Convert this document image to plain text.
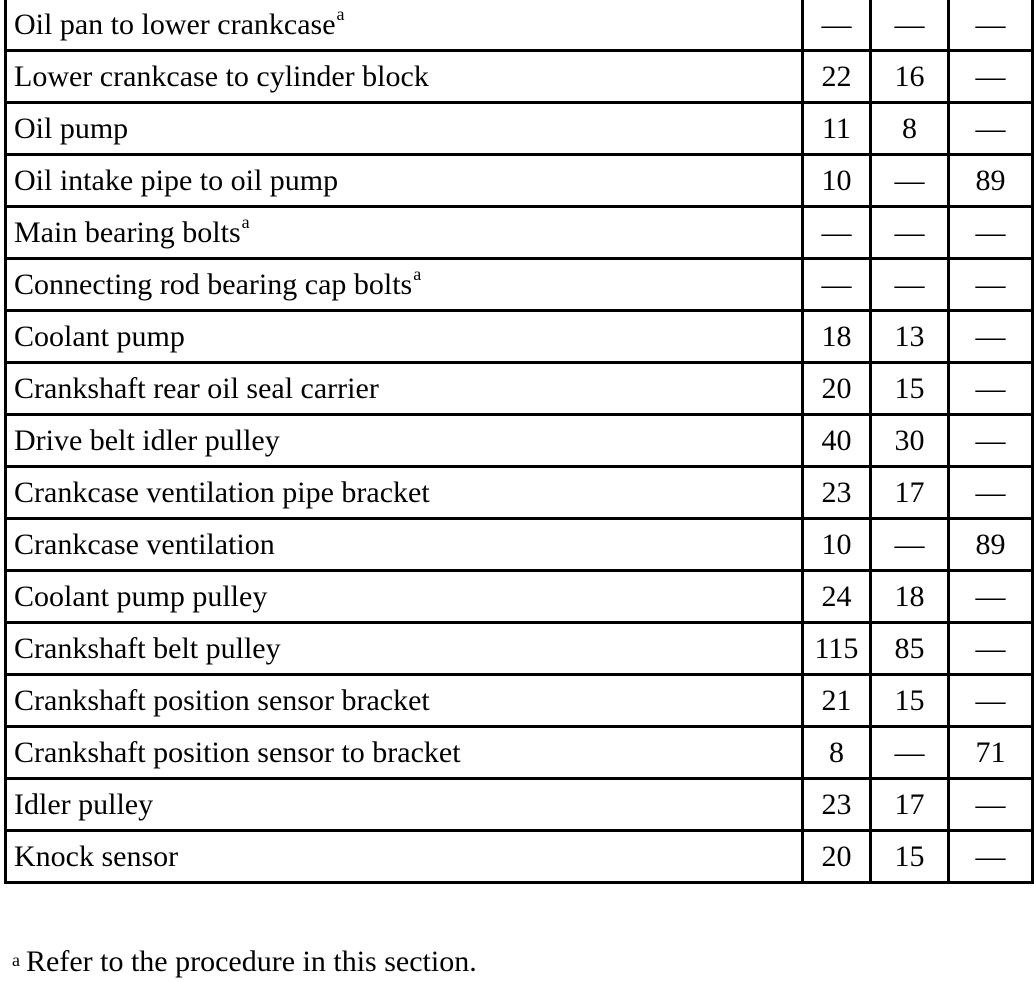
Oil pan to lower crankcase$^a$	—	—	—
Lower crankcase to cylinder block	22	16	—
Oil pump	11	8	—
Oil intake pipe to oil pump	10	—	89
Main bearing bolts$^a$	—	—	—
Connecting rod bearing cap bolts$^a$	—	—	—
Coolant pump	18	13	—
Crankshaft rear oil seal carrier	20	15	—
Drive belt idler pulley	40	30	—
Crankcase ventilation pipe bracket	23	17	—
Crankcase ventilation	10	—	89
Coolant pump pulley	24	18	—
Crankshaft belt pulley	115	85	—
Crankshaft position sensor bracket	21	15	—
Crankshaft position sensor to bracket	8	—	71
Idler pulley	23	17	—
Knock sensor	20	15	—
$^a$ Refer to the procedure in this section.
